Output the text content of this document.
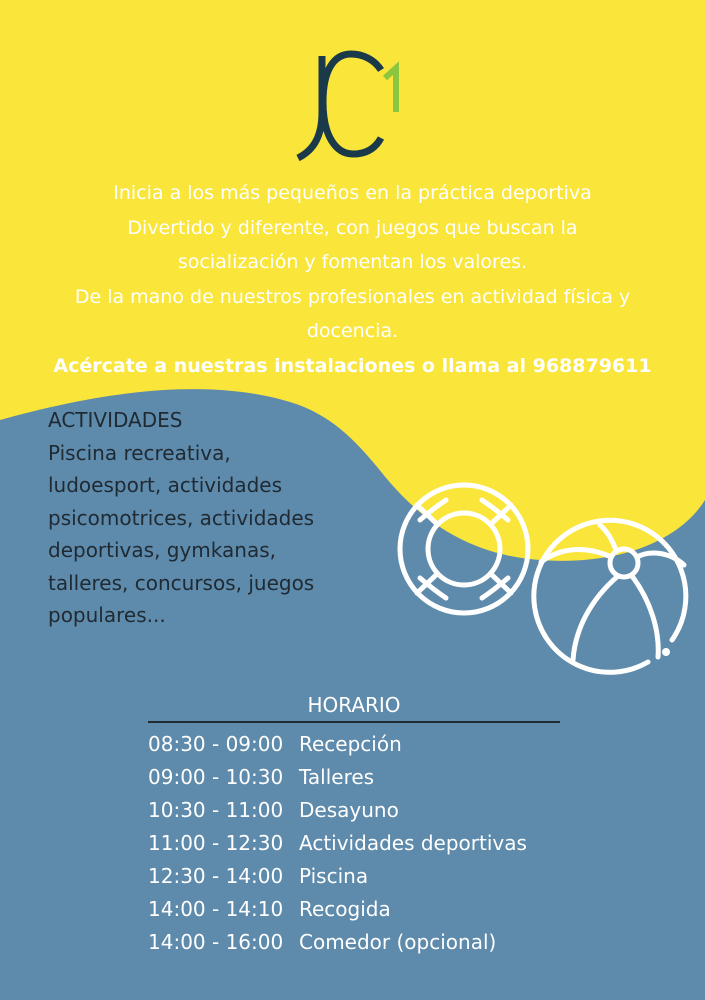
Inicia a los más pequeños en la práctica deportiva

Divertido y diferente, con juegos que buscan la

socialización y fomentan los valores.

De la mano de nuestros profesionales en actividad física y

docencia.

Acércate a nuestras instalaciones o llama al 968879611

ACTIVIDADES

Piscina recreativa,

ludoesport, actividades

psicomotrices, actividades

deportivas, gymkanas,

talleres, concursos, juegos

populares...

HORARIO
08:30 - 09:00 Recepción
09:00 - 10:30 Talleres
10:30 - 11:00 Desayuno
11:00 - 12:30 Actividades deportivas
12:30 - 14:00 Piscina
14:00 - 14:10 Recogida
14:00 - 16:00 Comedor (opcional)
